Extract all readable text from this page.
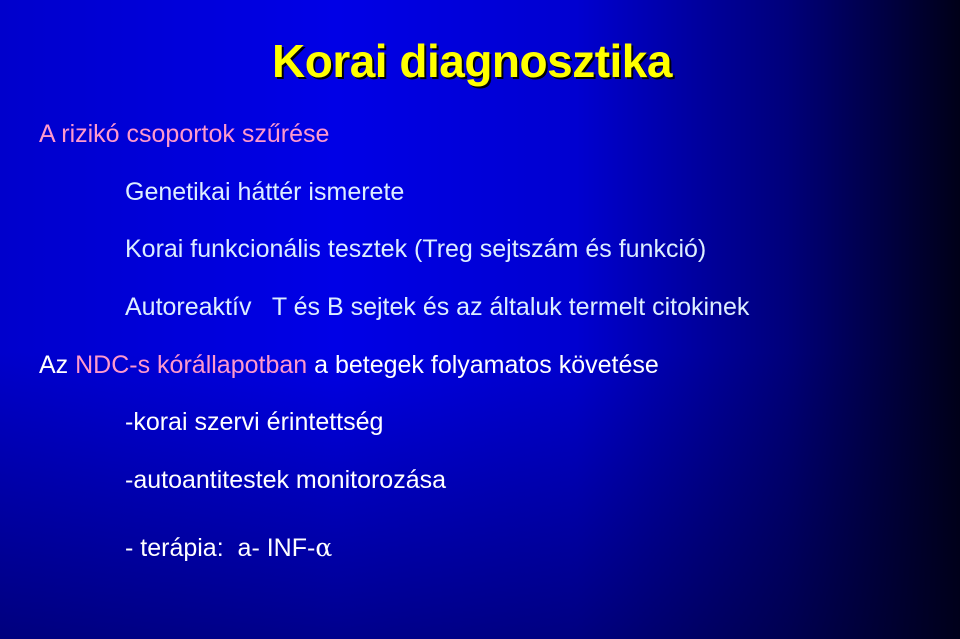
Korai diagnosztika

A rizikó csoportok szűrése

Genetikai háttér ismerete

Korai funkcionális tesztek (Treg sejtszám és funkció)

Autoreaktív   T és B sejtek és az általuk termelt citokinek

Az NDC-s kórállapotban a betegek folyamatos követése

-korai szervi érintettség

-autoantitestek monitorozása

- terápia:  a- INF-α
